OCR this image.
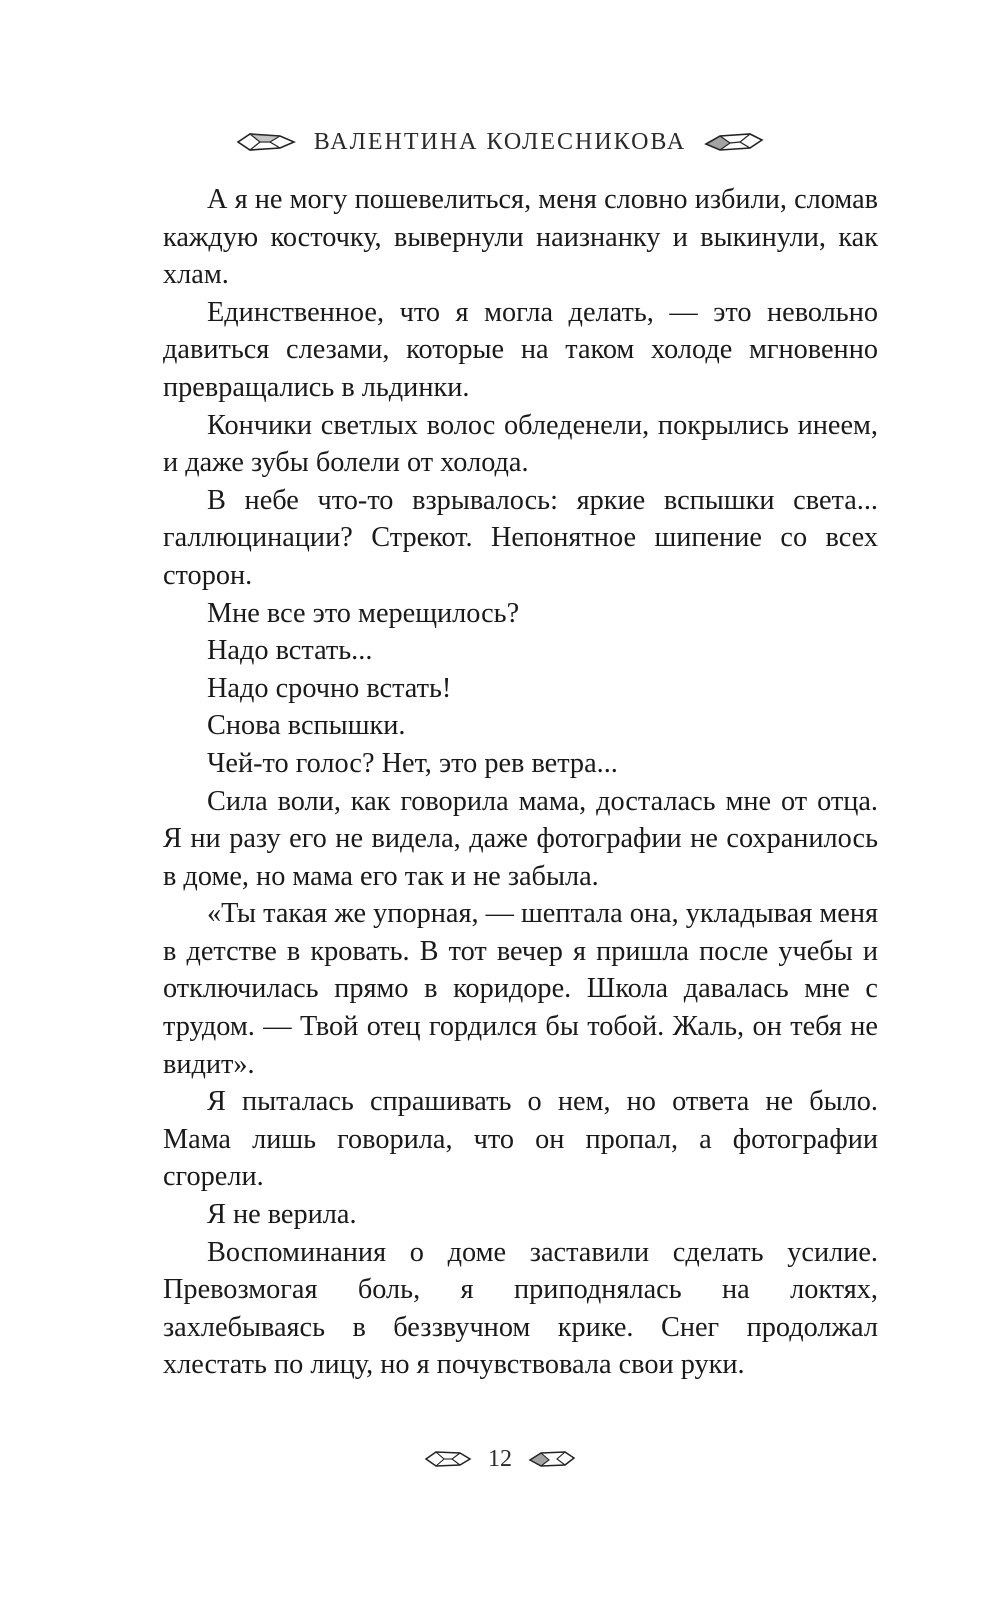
ВАЛЕНТИНА КОЛЕСНИКОВА

А я не могу пошевелиться, меня словно избили, сломав каждую косточку, вывернули наизнанку и выкинули, как хлам.

Единственное, что я могла делать, — это невольно давиться слезами, которые на таком холоде мгновенно превращались в льдинки.

Кончики светлых волос обледенели, покрылись инеем, и даже зубы болели от холода.

В небе что-то взрывалось: яркие вспышки света... галлюцинации? Стрекот. Непонятное шипение со всех сторон.

Мне все это мерещилось?

Надо встать...

Надо срочно встать!

Снова вспышки.

Чей-то голос? Нет, это рев ветра...

Сила воли, как говорила мама, досталась мне от отца. Я ни разу его не видела, даже фотографии не сохранилось в доме, но мама его так и не забыла.

«Ты такая же упорная, — шептала она, укладывая меня в детстве в кровать. В тот вечер я пришла после учебы и отключилась прямо в коридоре. Школа давалась мне с трудом. — Твой отец гордился бы тобой. Жаль, он тебя не видит».

Я пыталась спрашивать о нем, но ответа не было. Мама лишь говорила, что он пропал, а фотографии сгорели.

Я не верила.

Воспоминания о доме заставили сделать усилие. Превозмогая боль, я приподнялась на локтях, захлебываясь в беззвучном крике. Снег продолжал хлестать по лицу, но я почувствовала свои руки.

12
